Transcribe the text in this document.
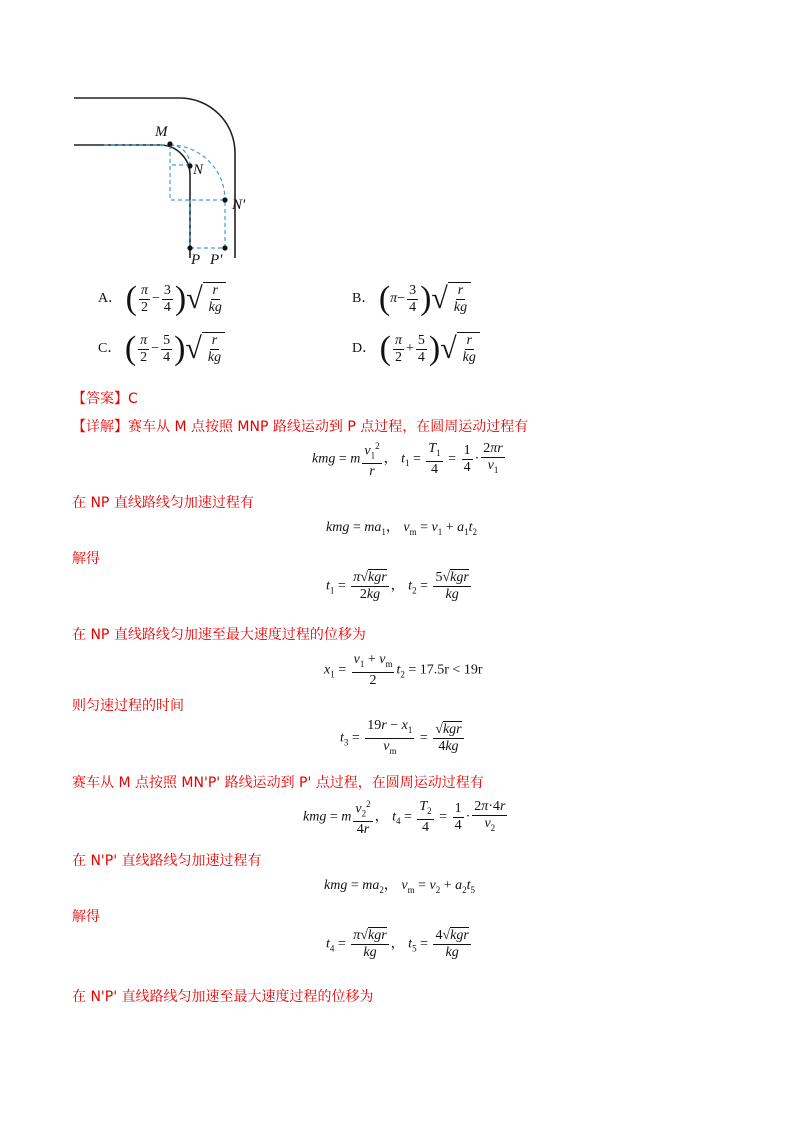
M
N
N'
P P'
A． ( $\frac{\pi}{2} - \frac{3}{4}$ ) √ $\frac{r}{kg}$	B． ($\pi- \frac{3}{4}$ ) √ $\frac{r}{kg}$
C． ( $\frac{\pi}{2} - \frac{5}{4}$ ) √ $\frac{r}{kg}$	D． ( $\frac{\pi}{2} + \frac{5}{4}$ ) √ $\frac{r}{kg}$
【答案】C
【详解】赛车从 M 点按照 MNP 路线运动到 P 点过程，在圆周运动过程有
kmg = m $\frac{v_1^2}{r}$ ， $t_1 = \frac{T_1}{4} = \frac{1}{4} \cdot \frac{2\pi r}{v_1}$
在 NP 直线路线匀加速过程有
kmg = $ma_1$， $v_m = v_1 + a_1t_2$
解得
$t_1 = \frac{\text{π√kgr}}{2kg}$ ， $t_2 = \frac{\text{5√kgr}}{kg}$
在 NP 直线路线匀加速至最大速度过程的位移为
$x_1 = \frac{v_1 + v_m}{2} t_2 = 17.5r < 19r$
则匀速过程的时间
$t_3 = \frac{19r - x_1}{v_m} = \frac{\text{√kgr}}{4kg}$
赛车从 M 点按照 MN'P' 路线运动到 P' 点过程，在圆周运动过程有
kmg = m $\frac{v_2^2}{4r}$ ， $t_4 = \frac{T_2}{4} = \frac{1}{4} \cdot \frac{2\pi\cdot 4r}{v_2}$
在 N'P' 直线路线匀加速过程有
kmg = $ma_2$， $v_m = v_2 + a_2t_5$
解得
$t_4 = \frac{\text{π√kgr}}{kg}$ ， $t_5 = \frac{\text{4√kgr}}{kg}$
在 N'P' 直线路线匀加速至最大速度过程的位移为
